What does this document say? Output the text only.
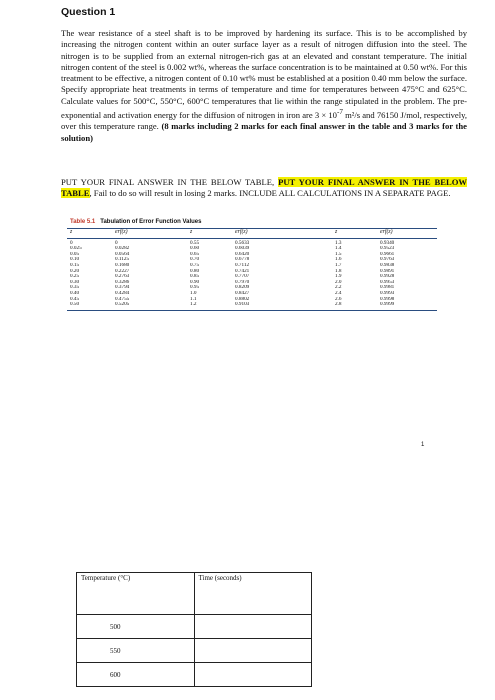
Question 1

The wear resistance of a steel shaft is to be improved by hardening its surface. This is to be accomplished by increasing the nitrogen content within an outer surface layer as a result of nitrogen diffusion into the steel. The nitrogen is to be supplied from an external nitrogen-rich gas at an elevated and constant temperature. The initial nitrogen content of the steel is 0.002 wt%, whereas the surface concentration is to be maintained at 0.50 wt%. For this treatment to be effective, a nitrogen content of 0.10 wt% must be established at a position 0.40 mm below the surface. Specify appropriate heat treatments in terms of temperature and time for temperatures between 475°C and 625°C. Calculate values for 500°C, 550°C, 600°C temperatures that lie within the range stipulated in the problem. The pre-exponential and activation energy for the diffusion of nitrogen in iron are $3 \times 10^{-7}$ m²/s and 76150 J/mol, respectively, over this temperature range. (8 marks including 2 marks for each final answer in the table and 3 marks for the solution)

PUT YOUR FINAL ANSWER IN THE BELOW TABLE, PUT YOUR FINAL ANSWER IN THE BELOW TABLE, Fail to do so will result in losing 2 marks. INCLUDE ALL CALCULATIONS IN A SEPARATE PAGE.

Table 5.1 Tabulation of Error Function Values
z	erf(z)	z	erf(z)	z	erf(z)
0	0	0.55	0.5633	1.3	0.9340
0.025	0.0282	0.60	0.6039	1.4	0.9523
0.05	0.0564	0.65	0.6420	1.5	0.9661
0.10	0.1125	0.70	0.6778	1.6	0.9763
0.15	0.1680	0.75	0.7112	1.7	0.9838
0.20	0.2227	0.80	0.7421	1.8	0.9891
0.25	0.2763	0.85	0.7707	1.9	0.9928
0.30	0.3286	0.90	0.7970	2.0	0.9953
0.35	0.3794	0.95	0.8209	2.2	0.9981
0.40	0.4284	1.0	0.8427	2.4	0.9993
0.45	0.4755	1.1	0.8802	2.6	0.9998
0.50	0.5205	1.2	0.9103	2.8	0.9999
1
Temperature (°C)	Time (seconds)
500	
550	
600	
